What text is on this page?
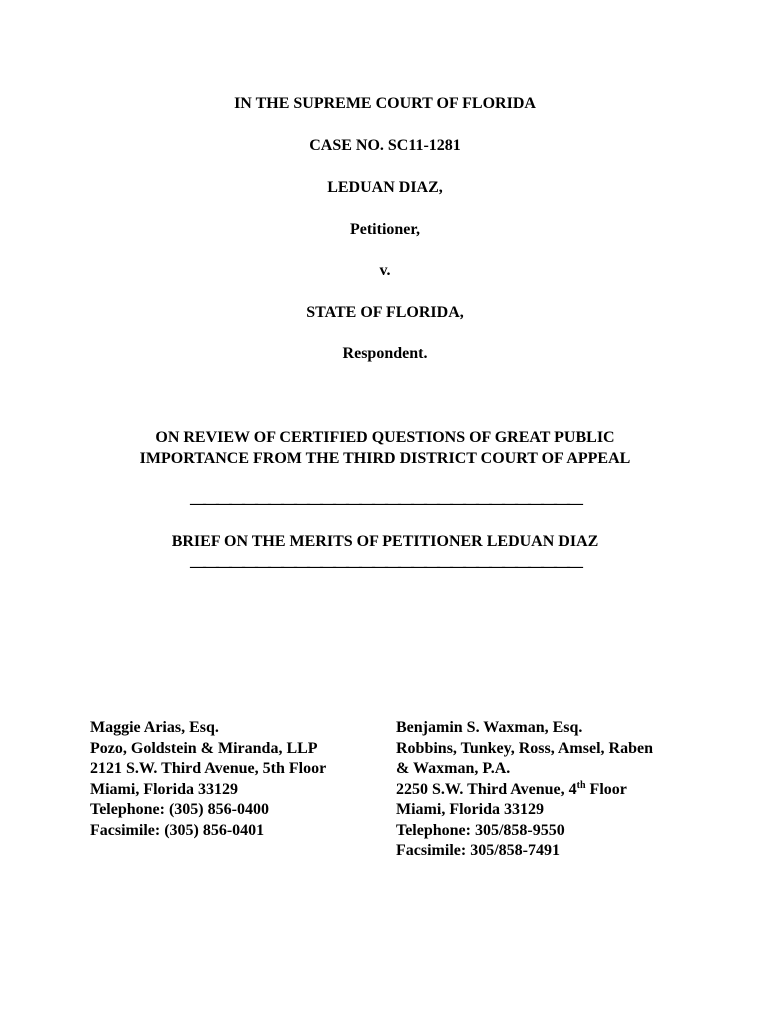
IN THE SUPREME COURT OF FLORIDA
CASE NO. SC11-1281
LEDUAN DIAZ,
Petitioner,
v.
STATE OF FLORIDA,
Respondent.
ON REVIEW OF CERTIFIED QUESTIONS OF GREAT PUBLIC
IMPORTANCE FROM THE THIRD DISTRICT COURT OF APPEAL
——————————————————————————————
BRIEF ON THE MERITS OF PETITIONER LEDUAN DIAZ
——————————————————————————————
Maggie Arias, Esq.
Pozo, Goldstein & Miranda, LLP
2121 S.W. Third Avenue, 5th Floor
Miami, Florida 33129
Telephone: (305) 856-0400
Facsimile: (305) 856-0401
Benjamin S. Waxman, Esq.
Robbins, Tunkey, Ross, Amsel, Raben
& Waxman, P.A.
2250 S.W. Third Avenue, 4th Floor
Miami, Florida 33129
Telephone: 305/858-9550
Facsimile: 305/858-7491
